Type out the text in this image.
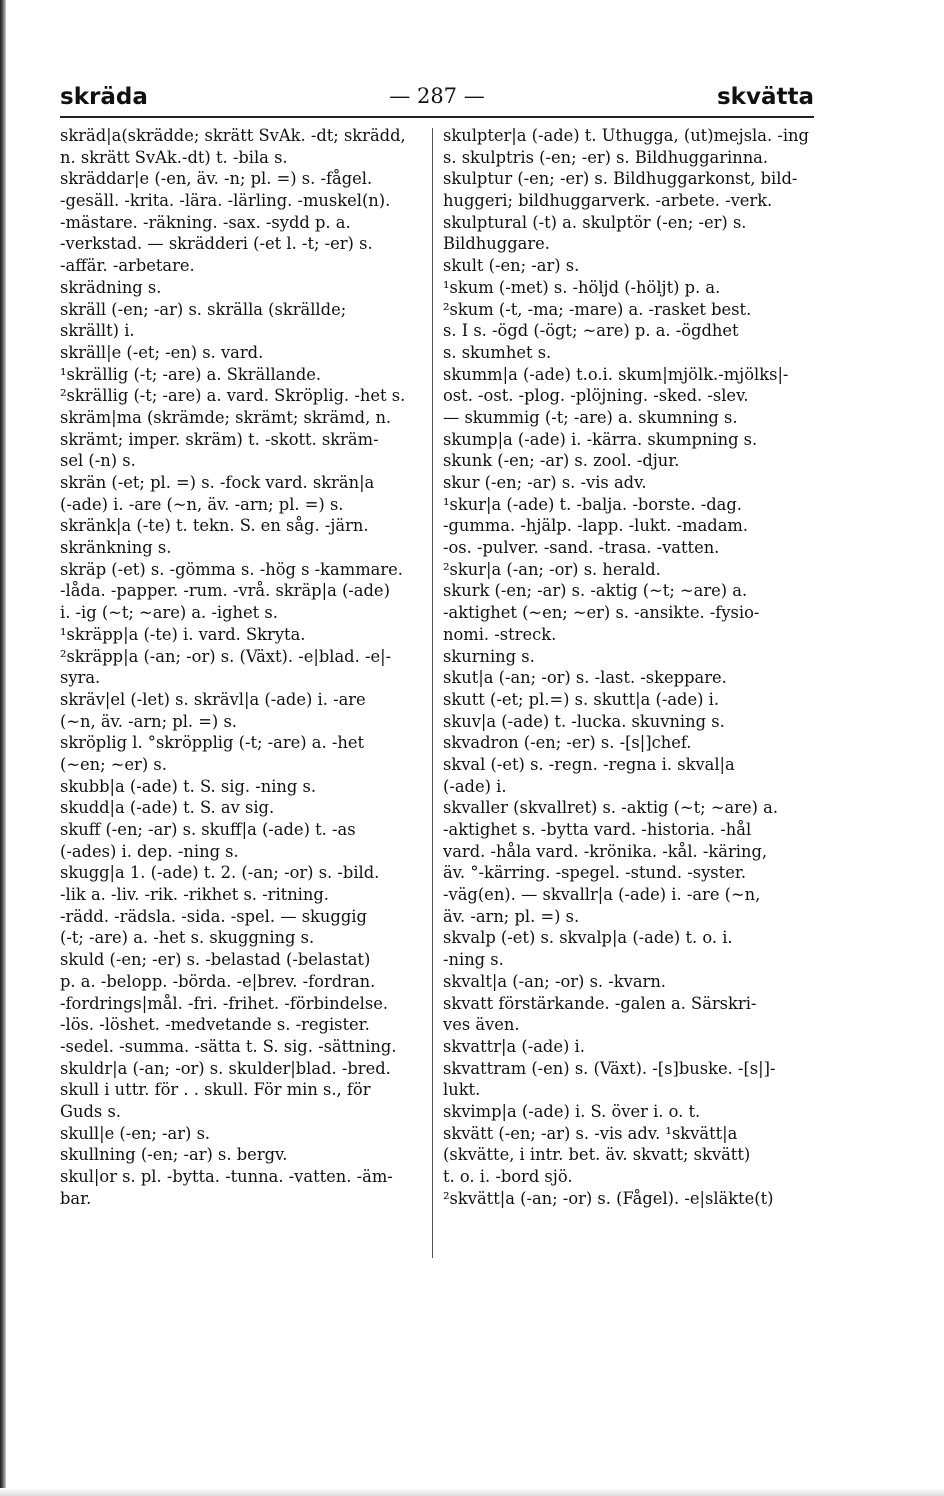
— 287 —
skräda	skvätta
skräd|a(skrädde; skrätt SvAk. -dt; skrädd,
n. skrätt SvAk.-dt) t. -bila s.
skräddar|e (-en, äv. -n; pl. =) s. -fågel.
-gesäll. -krita. -lära. -lärling. -muskel(n).
-mästare. -räkning. -sax. -sydd p. a.
-verkstad. — skrädderi (-et l. -t; -er) s.
-affär. -arbetare.
skrädning s.
skräll (-en; -ar) s. skrälla (skrällde;
skrällt) i.
skräll|e (-et; -en) s. vard.
¹skrällig (-t; -are) a. Skrällande.
²skrällig (-t; -are) a. vard. Skröplig. -het s.
skräm|ma (skrämde; skrämt; skrämd, n.
skrämt; imper. skräm) t. -skott. skräm-
sel (-n) s.
skrän (-et; pl. =) s. -fock vard. skrän|a
(-ade) i. -are (~n, äv. -arn; pl. =) s.
skränk|a (-te) t. tekn. S. en såg. -järn.
skränkning s.
skräp (-et) s. -gömma s. -hög s -kammare.
-låda. -papper. -rum. -vrå. skräp|a (-ade)
i. -ig (~t; ~are) a. -ighet s.
¹skräpp|a (-te) i. vard. Skryta.
²skräpp|a (-an; -or) s. (Växt). -e|blad. -e|-
syra.
skräv|el (-let) s. skrävl|a (-ade) i. -are
(~n, äv. -arn; pl. =) s.
skröplig l. °skröpplig (-t; -are) a. -het
(~en; ~er) s.
skubb|a (-ade) t. S. sig. -ning s.
skudd|a (-ade) t. S. av sig.
skuff (-en; -ar) s. skuff|a (-ade) t. -as
(-ades) i. dep. -ning s.
skugg|a 1. (-ade) t. 2. (-an; -or) s. -bild.
-lik a. -liv. -rik. -rikhet s. -ritning.
-rädd. -rädsla. -sida. -spel. — skuggig
(-t; -are) a. -het s. skuggning s.
skuld (-en; -er) s. -belastad (-belastat)
p. a. -belopp. -börda. -e|brev. -fordran.
-fordrings|mål. -fri. -frihet. -förbindelse.
-lös. -löshet. -medvetande s. -register.
-sedel. -summa. -sätta t. S. sig. -sättning.
skuldr|a (-an; -or) s. skulder|blad. -bred.
skull i uttr. för . . skull. För min s., för
Guds s.
skull|e (-en; -ar) s.
skullning (-en; -ar) s. bergv.
skul|or s. pl. -bytta. -tunna. -vatten. -äm-
bar.
skulpter|a (-ade) t. Uthugga, (ut)mejsla. -ing
s. skulptris (-en; -er) s. Bildhuggarinna.
skulptur (-en; -er) s. Bildhuggarkonst, bild-
huggeri; bildhuggarverk. -arbete. -verk.
skulptural (-t) a. skulptör (-en; -er) s.
Bildhuggare.
skult (-en; -ar) s.
¹skum (-met) s. -höljd (-höljt) p. a.
²skum (-t, -ma; -mare) a. -rasket best.
s. I s. -ögd (-ögt; ~are) p. a. -ögdhet
s. skumhet s.
skumm|a (-ade) t.o.i. skum|mjölk.-mjölks|-
ost. -ost. -plog. -plöjning. -sked. -slev.
— skummig (-t; -are) a. skumning s.
skump|a (-ade) i. -kärra. skumpning s.
skunk (-en; -ar) s. zool. -djur.
skur (-en; -ar) s. -vis adv.
¹skur|a (-ade) t. -balja. -borste. -dag.
-gumma. -hjälp. -lapp. -lukt. -madam.
-os. -pulver. -sand. -trasa. -vatten.
²skur|a (-an; -or) s. herald.
skurk (-en; -ar) s. -aktig (~t; ~are) a.
-aktighet (~en; ~er) s. -ansikte. -fysio-
nomi. -streck.
skurning s.
skut|a (-an; -or) s. -last. -skeppare.
skutt (-et; pl.=) s. skutt|a (-ade) i.
skuv|a (-ade) t. -lucka. skuvning s.
skvadron (-en; -er) s. -[s|]chef.
skval (-et) s. -regn. -regna i. skval|a
(-ade) i.
skvaller (skvallret) s. -aktig (~t; ~are) a.
-aktighet s. -bytta vard. -historia. -hål
vard. -håla vard. -krönika. -kål. -käring,
äv. °-kärring. -spegel. -stund. -syster.
-väg(en). — skvallr|a (-ade) i. -are (~n,
äv. -arn; pl. =) s.
skvalp (-et) s. skvalp|a (-ade) t. o. i.
-ning s.
skvalt|a (-an; -or) s. -kvarn.
skvatt förstärkande. -galen a. Särskri-
ves även.
skvattr|a (-ade) i.
skvattram (-en) s. (Växt). -[s]buske. -[s|]-
lukt.
skvimp|a (-ade) i. S. över i. o. t.
skvätt (-en; -ar) s. -vis adv. ¹skvätt|a
(skvätte, i intr. bet. äv. skvatt; skvätt)
t. o. i. -bord sjö.
²skvätt|a (-an; -or) s. (Fågel). -e|släkte(t)
